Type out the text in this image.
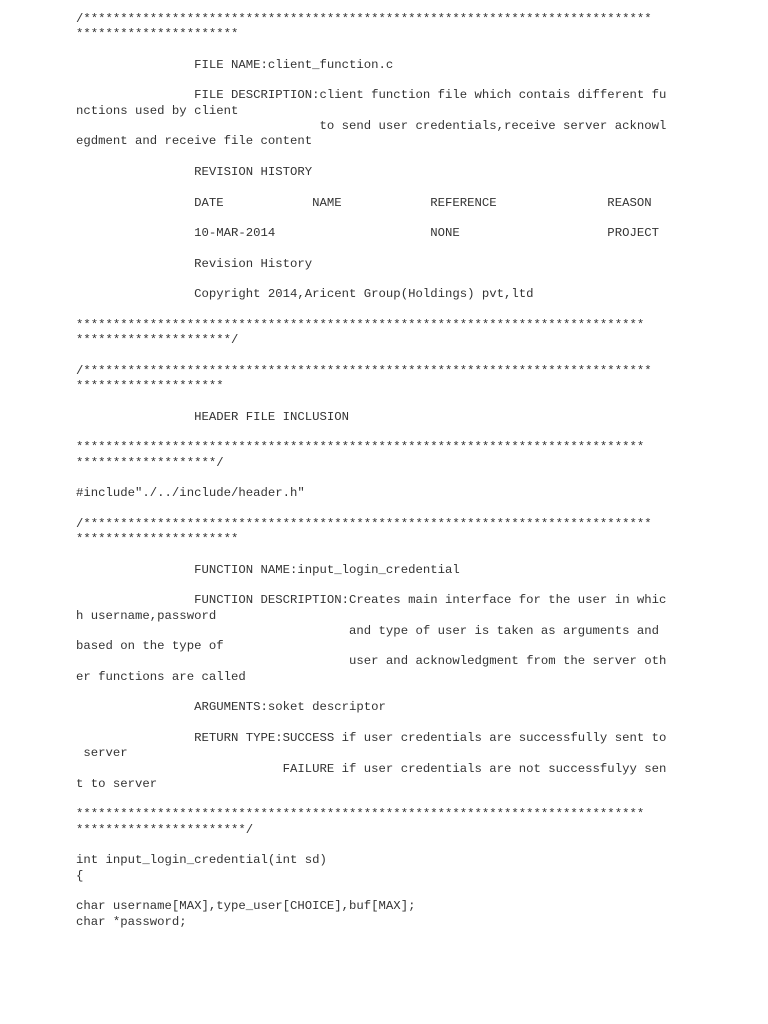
/*****************************************************************************
**********************
FILE NAME:client_function.c
FILE DESCRIPTION:client function file which contais different fu
nctions used by client
to send user credentials,receive server acknowl
egdment and receive file content
REVISION HISTORY
DATE            NAME            REFERENCE               REASON
10-MAR-2014                     NONE                    PROJECT
Revision History
Copyright 2014,Aricent Group(Holdings) pvt,ltd
*****************************************************************************
*********************/
/*****************************************************************************
********************
HEADER FILE INCLUSION
*****************************************************************************
*******************/
#include"./../include/header.h"
/*****************************************************************************
**********************
FUNCTION NAME:input_login_credential
FUNCTION DESCRIPTION:Creates main interface for the user in whic
h username,password
and type of user is taken as arguments and
based on the type of
user and acknowledgment from the server oth
er functions are called
ARGUMENTS:soket descriptor
RETURN TYPE:SUCCESS if user credentials are successfully sent to
server
FAILURE if user credentials are not successfulyy sen
t to server
*****************************************************************************
***********************/
int input_login_credential(int sd)
{
char username[MAX],type_user[CHOICE],buf[MAX];
char *password;
